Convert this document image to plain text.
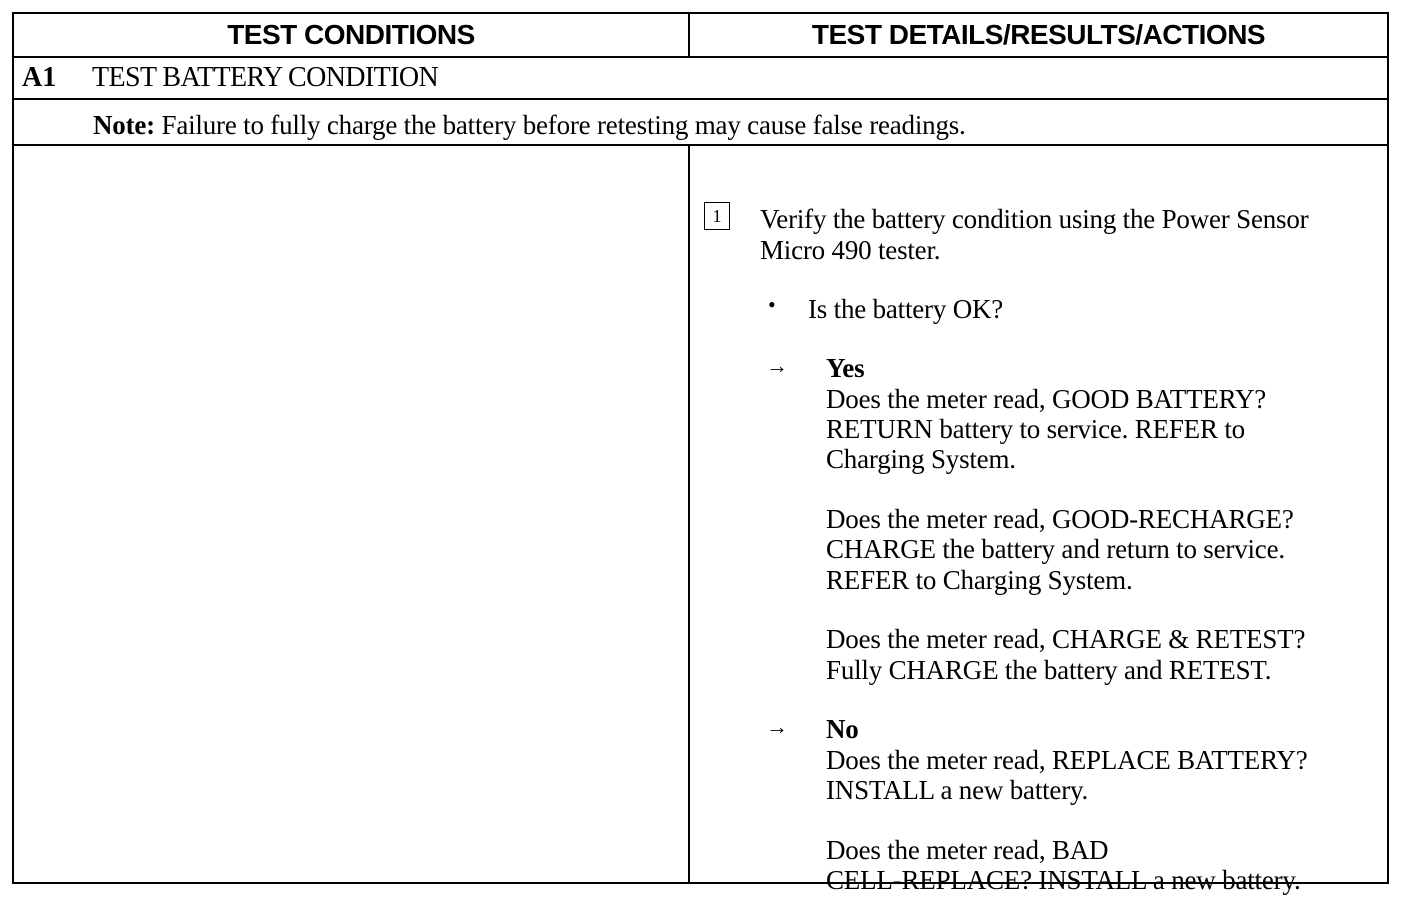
TEST CONDITIONS	TEST DETAILS/RESULTS/ACTIONS
A1 TEST BATTERY CONDITION
Note: Failure to fully charge the battery before retesting may cause false readings.
1	Verify the battery condition using the Power Sensor
Micro 490 tester.
• Is the battery OK?
→ Yes
Does the meter read, GOOD BATTERY?
RETURN battery to service. REFER to
Charging System.
Does the meter read, GOOD-RECHARGE?
CHARGE the battery and return to service.
REFER to Charging System.
Does the meter read, CHARGE & RETEST?
Fully CHARGE the battery and RETEST.
→ No
Does the meter read, REPLACE BATTERY?
INSTALL a new battery.
Does the meter read, BAD
CELL-REPLACE? INSTALL a new battery.
